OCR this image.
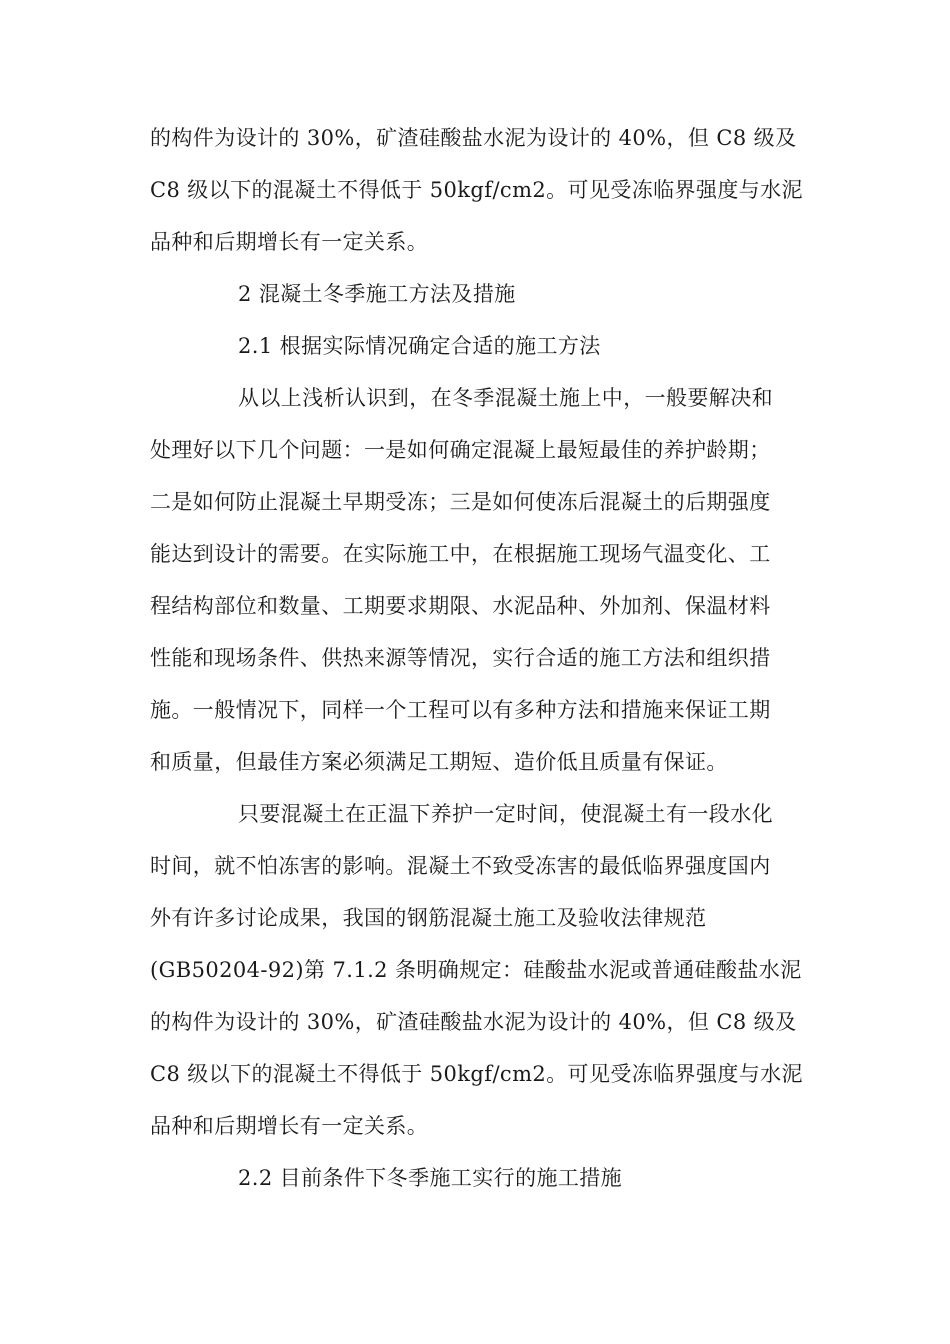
的构件为设计的 30%，矿渣硅酸盐水泥为设计的 40%，但 C8 级及
C8 级以下的混凝土不得低于 50kgf/cm2。可见受冻临界强度与水泥
品种和后期增长有一定关系。
2 混凝土冬季施工方法及措施
2.1 根据实际情况确定合适的施工方法
从以上浅析认识到，在冬季混凝土施上中，一般要解决和
处理好以下几个问题：一是如何确定混凝上最短最佳的养护龄期；
二是如何防止混凝土早期受冻；三是如何使冻后混凝土的后期强度
能达到设计的需要。在实际施工中，在根据施工现场气温变化、工
程结构部位和数量、工期要求期限、水泥品种、外加剂、保温材料
性能和现场条件、供热来源等情况，实行合适的施工方法和组织措
施。一般情况下，同样一个工程可以有多种方法和措施来保证工期
和质量，但最佳方案必须满足工期短、造价低且质量有保证。
只要混凝土在正温下养护一定时间，使混凝土有一段水化
时间，就不怕冻害的影响。混凝土不致受冻害的最低临界强度国内
外有许多讨论成果，我国的钢筋混凝土施工及验收法律规范
(GB50204-92)第 7.1.2 条明确规定：硅酸盐水泥或普通硅酸盐水泥
的构件为设计的 30%，矿渣硅酸盐水泥为设计的 40%，但 C8 级及
C8 级以下的混凝土不得低于 50kgf/cm2。可见受冻临界强度与水泥
品种和后期增长有一定关系。
2.2 目前条件下冬季施工实行的施工措施
